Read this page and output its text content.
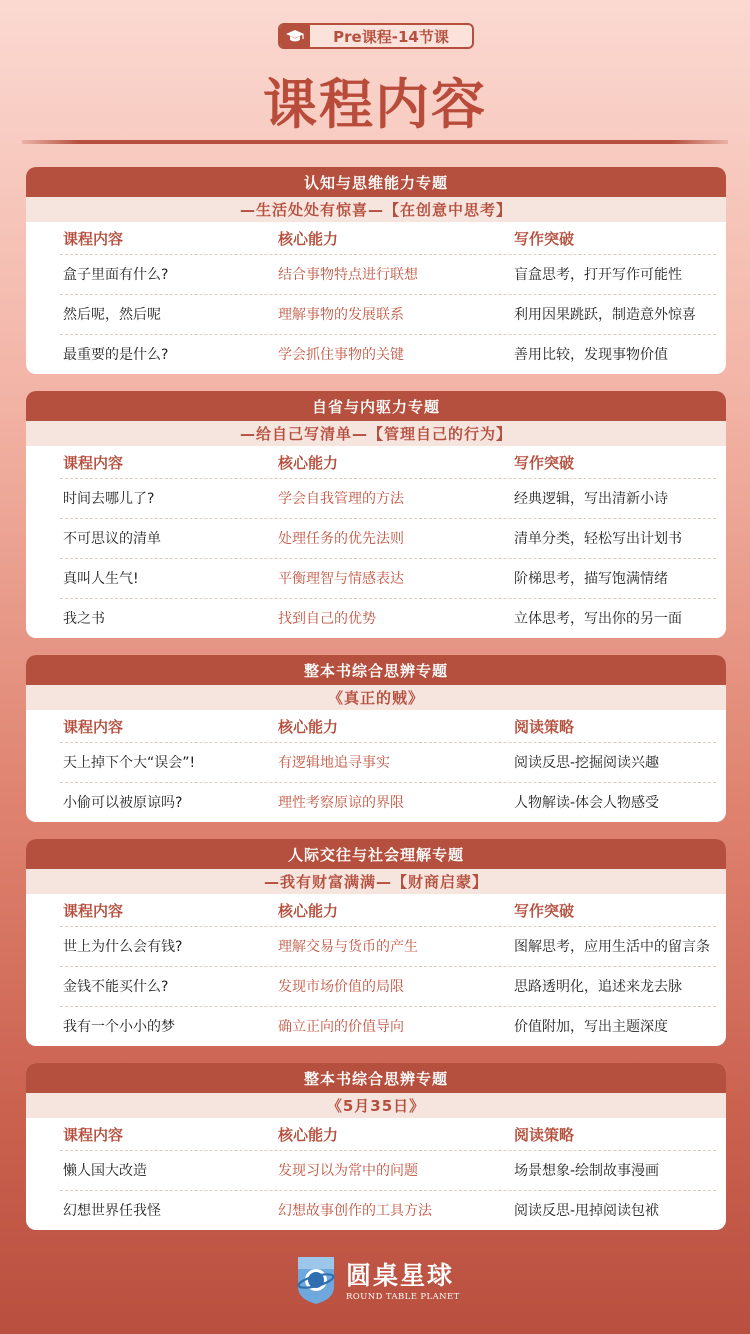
Pre课程-14节课
课程内容
认知与思维能力专题
—生活处处有惊喜—【在创意中思考】
课程内容	核心能力	写作突破
盒子里面有什么?	结合事物特点进行联想	盲盒思考，打开写作可能性
然后呢，然后呢	理解事物的发展联系	利用因果跳跃，制造意外惊喜
最重要的是什么?	学会抓住事物的关键	善用比较，发现事物价值
自省与内驱力专题
—给自己写清单—【管理自己的行为】
课程内容	核心能力	写作突破
时间去哪儿了?	学会自我管理的方法	经典逻辑，写出清新小诗
不可思议的清单	处理任务的优先法则	清单分类，轻松写出计划书
真叫人生气!	平衡理智与情感表达	阶梯思考，描写饱满情绪
我之书	找到自己的优势	立体思考，写出你的另一面
整本书综合思辨专题
《真正的贼》
课程内容	核心能力	阅读策略
天上掉下个大“误会”!	有逻辑地追寻事实	阅读反思-挖掘阅读兴趣
小偷可以被原谅吗?	理性考察原谅的界限	人物解读-体会人物感受
人际交往与社会理解专题
—我有财富满满—【财商启蒙】
课程内容	核心能力	写作突破
世上为什么会有钱?	理解交易与货币的产生	图解思考，应用生活中的留言条
金钱不能买什么?	发现市场价值的局限	思路透明化，追述来龙去脉
我有一个小小的梦	确立正向的价值导向	价值附加，写出主题深度
整本书综合思辨专题
《5月35日》
课程内容	核心能力	阅读策略
懒人国大改造	发现习以为常中的问题	场景想象-绘制故事漫画
幻想世界任我怪	幻想故事创作的工具方法	阅读反思-甩掉阅读包袱
圆桌星球
ROUND TABLE PLANET
